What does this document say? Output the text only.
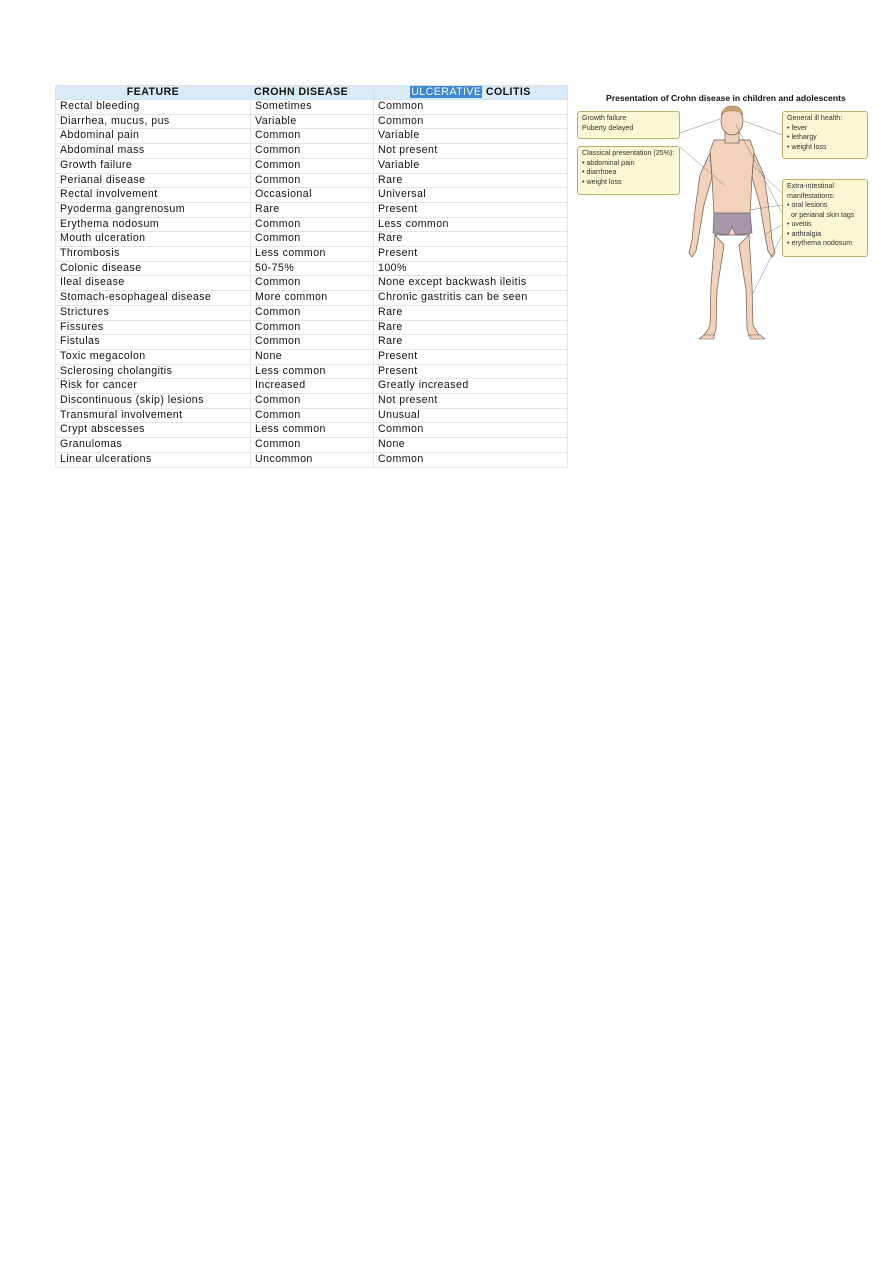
FEATURE	CROHN DISEASE	ULCERATIVE COLITIS
Rectal bleeding	Sometimes	Common
Diarrhea, mucus, pus	Variable	Common
Abdominal pain	Common	Variable
Abdominal mass	Common	Not present
Growth failure	Common	Variable
Perianal disease	Common	Rare
Rectal involvement	Occasional	Universal
Pyoderma gangrenosum	Rare	Present
Erythema nodosum	Common	Less common
Mouth ulceration	Common	Rare
Thrombosis	Less common	Present
Colonic disease	50-75%	100%
Ileal disease	Common	None except backwash ileitis
Stomach-esophageal disease	More common	Chronic gastritis can be seen
Strictures	Common	Rare
Fissures	Common	Rare
Fistulas	Common	Rare
Toxic megacolon	None	Present
Sclerosing cholangitis	Less common	Present
Risk for cancer	Increased	Greatly increased
Discontinuous (skip) lesions	Common	Not present
Transmural involvement	Common	Unusual
Crypt abscesses	Less common	Common
Granulomas	Common	None
Linear ulcerations	Uncommon	Common
Presentation of Crohn disease in children and adolescents
Growth failure
Puberty delayed
Classical presentation (25%):
• abdominal pain
• diarrhoea
• weight loss
General ill health:
• fever
• lethargy
• weight loss
Extra-intestinal
manifestations:
• oral lesions
or perianal skin tags
• uveitis
• arthralgia
• erythema nodosum
